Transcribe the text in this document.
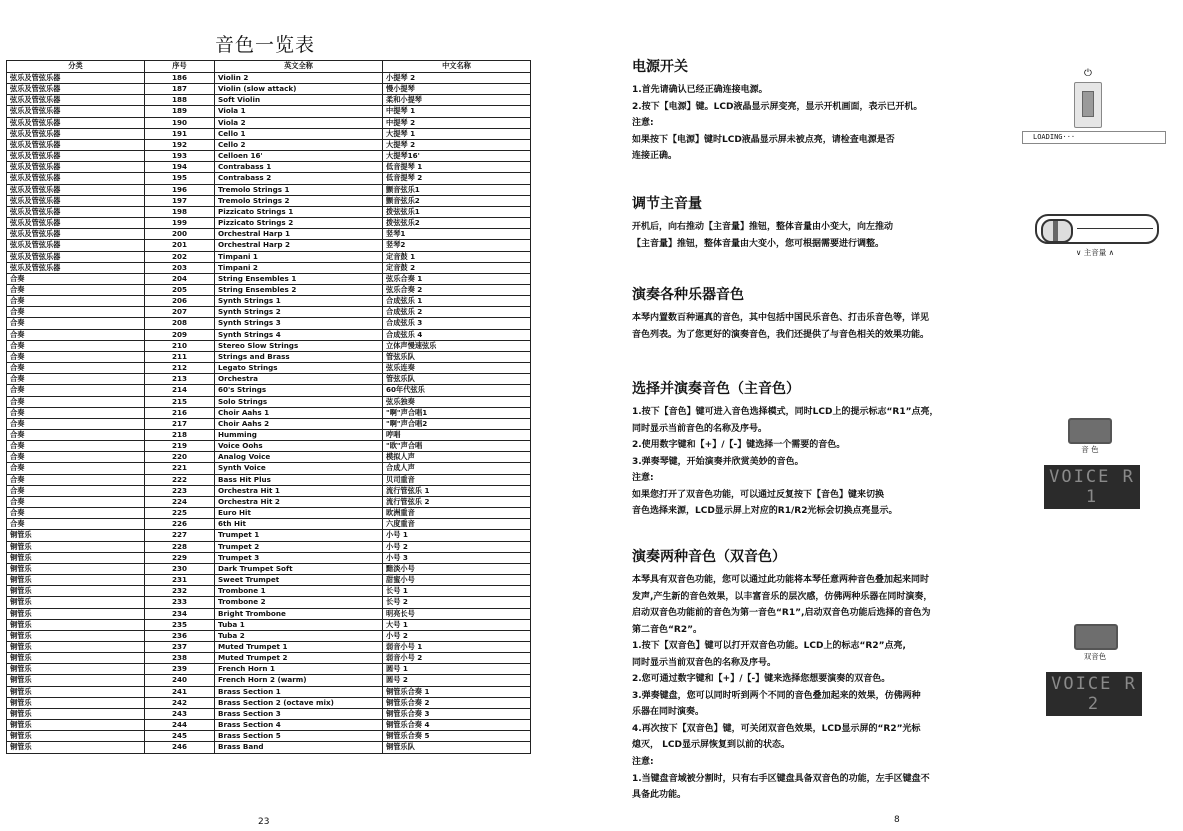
音色一览表
分类	序号	英文全称	中文名称
弦乐及管弦乐器	186	Violin 2	小提琴 2
弦乐及管弦乐器	187	Violin (slow attack)	慢小提琴
弦乐及管弦乐器	188	Soft Violin	柔和小提琴
弦乐及管弦乐器	189	Viola 1	中提琴 1
弦乐及管弦乐器	190	Viola 2	中提琴 2
弦乐及管弦乐器	191	Cello 1	大提琴 1
弦乐及管弦乐器	192	Cello 2	大提琴 2
弦乐及管弦乐器	193	Celloen 16'	大提琴16'
弦乐及管弦乐器	194	Contrabass 1	低音提琴 1
弦乐及管弦乐器	195	Contrabass 2	低音提琴 2
弦乐及管弦乐器	196	Tremolo Strings 1	颤音弦乐1
弦乐及管弦乐器	197	Tremolo Strings 2	颤音弦乐2
弦乐及管弦乐器	198	Pizzicato Strings 1	拨弦弦乐1
弦乐及管弦乐器	199	Pizzicato Strings 2	拨弦弦乐2
弦乐及管弦乐器	200	Orchestral Harp 1	竖琴1
弦乐及管弦乐器	201	Orchestral Harp 2	竖琴2
弦乐及管弦乐器	202	Timpani 1	定音鼓 1
弦乐及管弦乐器	203	Timpani 2	定音鼓 2
合奏	204	String Ensembles 1	弦乐合奏 1
合奏	205	String Ensembles 2	弦乐合奏 2
合奏	206	Synth Strings 1	合成弦乐 1
合奏	207	Synth Strings 2	合成弦乐 2
合奏	208	Synth Strings 3	合成弦乐 3
合奏	209	Synth Strings 4	合成弦乐 4
合奏	210	Stereo Slow Strings	立体声慢速弦乐
合奏	211	Strings and Brass	管弦乐队
合奏	212	Legato Strings	弦乐连奏
合奏	213	Orchestra	管弦乐队
合奏	214	60's Strings	60年代弦乐
合奏	215	Solo Strings	弦乐独奏
合奏	216	Choir Aahs 1	"啊"声合唱1
合奏	217	Choir Aahs 2	"啊"声合唱2
合奏	218	Humming	哼唱
合奏	219	Voice Oohs	"欧"声合唱
合奏	220	Analog Voice	模拟人声
合奏	221	Synth Voice	合成人声
合奏	222	Bass Hit Plus	贝司重音
合奏	223	Orchestra Hit 1	流行管弦乐 1
合奏	224	Orchestra Hit 2	流行管弦乐 2
合奏	225	Euro Hit	欧洲重音
合奏	226	6th Hit	六度重音
铜管乐	227	Trumpet 1	小号 1
铜管乐	228	Trumpet 2	小号 2
铜管乐	229	Trumpet 3	小号 3
铜管乐	230	Dark Trumpet Soft	黯淡小号
铜管乐	231	Sweet Trumpet	甜蜜小号
铜管乐	232	Trombone 1	长号 1
铜管乐	233	Trombone 2	长号 2
铜管乐	234	Bright Trombone	明亮长号
铜管乐	235	Tuba 1	大号 1
铜管乐	236	Tuba 2	小号 2
铜管乐	237	Muted Trumpet 1	弱音小号 1
铜管乐	238	Muted Trumpet 2	弱音小号 2
铜管乐	239	French Horn 1	圆号 1
铜管乐	240	French Horn 2 (warm)	圆号 2
铜管乐	241	Brass Section 1	铜管乐合奏 1
铜管乐	242	Brass Section 2 (octave mix)	铜管乐合奏 2
铜管乐	243	Brass Section 3	铜管乐合奏 3
铜管乐	244	Brass Section 4	铜管乐合奏 4
铜管乐	245	Brass Section 5	铜管乐合奏 5
铜管乐	246	Brass Band	铜管乐队
23
电源开关

1.首先请确认已经正确连接电源。

2.按下【电源】键。LCD液晶显示屏变亮，显示开机画面，表示已开机。

注意:

如果按下【电源】键时LCD液晶显示屏未被点亮，请检查电源是否

连接正确。

调节主音量

开机后，向右推动【主音量】推钮，整体音量由小变大，向左推动

【主音量】推钮，整体音量由大变小，您可根据需要进行调整。

演奏各种乐器音色

本琴内置数百种逼真的音色，其中包括中国民乐音色、打击乐音色等，详见

音色列表。为了您更好的演奏音色，我们还提供了与音色相关的效果功能。

选择并演奏音色（主音色）

1.按下【音色】键可进入音色选择模式，同时LCD上的提示标志“R1”点亮，

同时显示当前音色的名称及序号。

2.使用数字键和【+】/【-】键选择一个需要的音色。

3.弹奏琴键，开始演奏并欣赏美妙的音色。

注意:

如果您打开了双音色功能，可以通过反复按下【音色】键来切换

音色选择来源，LCD显示屏上对应的R1/R2光标会切换点亮显示。

演奏两种音色（双音色）

本琴具有双音色功能，您可以通过此功能将本琴任意两种音色叠加起来同时

发声,产生新的音色效果，以丰富音乐的层次感，仿佛两种乐器在同时演奏，

启动双音色功能前的音色为第一音色“R1”,启动双音色功能后选择的音色为

第二音色“R2”。

1.按下【双音色】键可以打开双音色功能。LCD上的标志“R2”点亮,

同时显示当前双音色的名称及序号。

2.您可通过数字键和【+】/【-】键来选择您想要演奏的双音色。

3.弹奏键盘，您可以同时听到两个不同的音色叠加起来的效果，仿佛两种

乐器在同时演奏。

4.再次按下【双音色】键，可关闭双音色效果，LCD显示屏的“R2”光标

熄灭， LCD显示屏恢复到以前的状态。

注意:

1.当键盘音域被分割时，只有右手区键盘具备双音色的功能，左手区键盘不

具备此功能。

⏻
LOADING···
∨ 主音量 ∧
音 色
VOICE R 1
双音色
VOICE R 2
8
